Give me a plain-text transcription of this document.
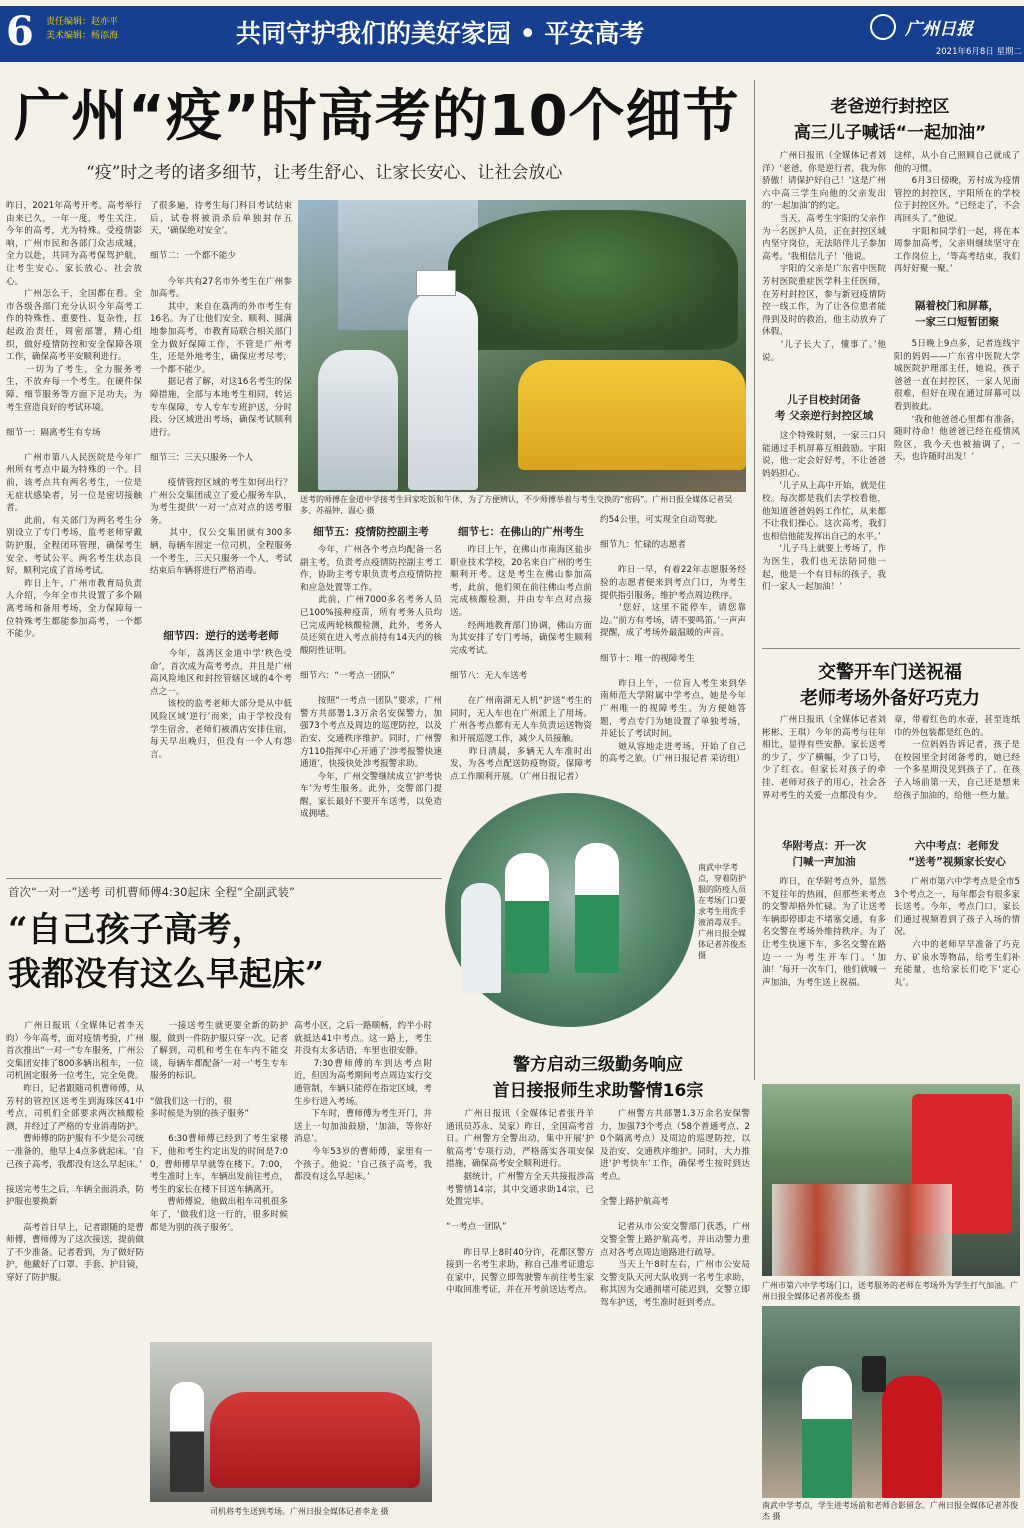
6	责任编辑：赵亦平
美术编辑：杨添海	共同守护我们的美好家园 • 平安高考	广州日报
2021年6月8日 星期二
广州“疫”时高考的10个细节
“疫”时之考的诸多细节，让考生舒心、让家长安心、让社会放心
昨日，2021年高考开考。高考举行由来已久，一年一度，考生关注。今年的高考，尤为特殊。受疫情影响，广州市民和各部门众志成城，全力以赴，共同为高考保驾护航，让考生安心、家长放心、社会放心。
　　广州怎么干，全国都在看。全市各级各部门充分认识今年高考工作的特殊性、重要性、复杂性，扛起政治责任，周密部署，精心组织，做好疫情防控和安全保障各项工作，确保高考平安顺利进行。
　　一切为了考生，全力服务考生，不放弃每一个考生。在硬件保障、细节服务等方面下足功夫，为考生营造良好的考试环境。

细节一：隔离考生有专场

　　广州市第八人民医院是今年广州所有考点中最为特殊的一个。目前，该考点共有两名考生，一位是无症状感染者，另一位是密切接触者。
　　此前，有关部门为两名考生分别设立了专门考场，监考老师穿戴防护服，全程闭环管理，确保考生安全、考试公平。两名考生状态良好，顺利完成了首场考试。
　　昨日上午，广州市教育局负责人介绍，今年全市共设置了多个隔离考场和备用考场，全力保障每一位特殊考生都能参加高考，一个都不能少。
了很多遍，待考生每门科目考试结束后，试卷将被消杀后单独封存五天，‘确保绝对安全’。

细节二：一个都不能少

　　今年共有27名市外考生在广州参加高考。
　　其中，来自在荔湾的外市考生有16名。为了让他们安全、顺利、圆满地参加高考，市教育局联合相关部门全力做好保障工作，不管是广州考生，还是外地考生，确保应考尽考，一个都不能少。
　　据记者了解，对这16名考生的保障措施，全部与本地考生相同，转运专车保障，专人专车专班护送，分时段、分区域进出考场，确保考试顺利进行。

细节三：三天只服务一个人

　　疫情管控区域的考生如何出行？广州公交集团成立了爱心服务车队，为考生提供‘一对一’点对点的送考服务。
　　其中，仅公交集团就有300多辆，每辆车固定一位司机，全程服务一个考生，三天只服务一个人，考试结束后车辆将进行严格消毒。
送考的师傅在金道中学接考生回家吃饭和午休，为了方便辨认，不少师傅举着与考生交换的“密码”。广州日报全媒体记者吴多、苏福钟、温心 摄
细节四：逆行的送考老师
　　今年，荔湾区金道中学‘秩色受命’，首次成为高考考点，并且是广州高风险地区和封控管辖区域的4个考点之一。
　　该校的监考老师大部分是从中低风险区域‘逆行’而来，由于学校没有学生宿舍，老师们被酒店安排住宿，每天早出晚归，但没有一个人有怨言。
细节五：疫情防控副主考
　　今年，广州各个考点均配备一名副主考，负责考点疫情防控副主考工作，协助主考专职负责考点疫情防控和应急处置等工作。
　　此前，广州7000多名考务人员已100%接种疫苗，所有考务人员均已完成两轮核酸检测，此外，考务人员还须在进入考点前持有14天内的核酸阴性证明。

细节六：“一考点一团队”

　　按照“一考点一团队”要求，广州警方共部署1.3万余名安保警力，加强73个考点及周边的巡逻防控，以及治安、交通秩序维护。同时，广州警方110指挥中心开通了‘涉考报警快速通道’，快接快处涉考报警求助。
　　今年，广州交警继续成立‘护考快车’为考生服务。此外，交警部门提醒，家长最好不要开车送考，以免造成拥堵。
细节七：在佛山的广州考生
　　昨日上午，在佛山市南海区盐步职业技术学校，20名来自广州的考生顺利开考。这是考生在佛山参加高考，此前，他们须在前往佛山考点前完成核酸检测，并由专车点对点接送。
　　经两地教育部门协调，佛山方面为其安排了专门考场，确保考生顺利完成考试。

细节八：无人车送考

　　在广州南湖无人机“护送”考生的同时，无人车也在广州派上了用场。广州各考点都有无人车负责运送物资和开展巡逻工作，减少人员接触。
　　昨日清晨，多辆无人车准时出发，为各考点配送防疫物资，保障考点工作顺利开展。（广州日报记者）
约54公里，可实现全自动驾驶。

细节九：忙碌的志愿者

　　昨日一早，有着22年志愿服务经验的志愿者便来到考点门口，为考生提供指引服务，维护考点周边秩序。
　　‘您好，这里不能停车，请您靠边。’‘前方有考场，请不要鸣笛。’一声声提醒，成了考场外最温暖的声音。

细节十：唯一的视障考生

　　昨日上午，一位盲人考生来到华南师范大学附属中学考点，她是今年广州唯一的视障考生。为方便她答题，考点专门为她设置了单独考场，并延长了考试时间。
　　她从容地走进考场，开始了自己的高考之旅。（广州日报记者 采访组）
南武中学考点，穿着防护服的防疫人员在考场门口要求考生用洗手液消毒双手。广州日报全媒体记者苏俊杰 摄
老爸逆行封控区
高三儿子喊话“一起加油”
　　广州日报讯（全媒体记者刘洋）‘老爸，你是逆行者，我为你骄傲！请保护好自己！’这是广州六中高三学生向他的父亲发出的‘一起加油’的约定。
　　当天，高考生宇阳的父亲作为一名医护人员，正在封控区域内坚守岗位，无法陪伴儿子参加高考。‘我相信儿子！’他说。
　　宇阳的父亲是广东省中医院芳村医院重症医学科主任医师，在芳村封控区，参与新冠疫情防控一线工作，为了让各位患者能得到及时的救治，他主动放弃了休假。
　　‘儿子长大了，懂事了。’他说。
这样，从小自己照顾自己就成了他的习惯。
　　6月3日傍晚，芳村成为疫情管控的封控区，宇阳所在的学校位于封控区外。“已经走了，不会再回头了。”他说。
　　宇阳和同学们一起，将在本周参加高考，父亲则继续坚守在工作岗位上，‘等高考结束，我们再好好聚一聚。’
隔着校门和屏幕，
一家三口短暂团聚
　　5日晚上9点多，记者连线宇阳的妈妈——广东省中医院大学城医院护理部主任，她说，孩子爸爸一直在封控区，一家人见面很难，但好在现在通过屏幕可以看到彼此。
　　‘我和他爸爸心里都有准备，随时待命！他爸爸已经在疫情风险区，我今天也被抽调了，一天，也许随时出发！’
儿子目校封闭备
考 父亲逆行封控区域
　　这个特殊时刻，一家三口只能通过手机屏幕互相鼓励。宇阳说，他一定会好好考，不让爸爸妈妈担心。
　　‘儿子从上高中开始，就是住校。每次都是我们去学校看他，他知道爸爸妈妈工作忙，从来都不让我们操心。这次高考，我们也相信他能发挥出自己的水平。’
　　‘儿子马上就要上考场了，作为医生，我们也无法陪同他一起，他是一个有目标的孩子，我们一家人一起加油！’
交警开车门送祝福
老师考场外备好巧克力
　　广州日报讯（全媒体记者刘彬彬、王琪）今年的高考与往年相比，显得有些安静。家长送考的少了，少了横幅，少了口号，少了红衣。但家长对孩子的牵挂、老师对孩子的用心，社会各界对考生的关爱一点都没有少。
章，带着红色的水壶，甚至连纸巾的外包装都是红色的。
　　一位妈妈告诉记者，孩子是在校园里全封闭备考的，她已经一个多星期没见到孩子了，在孩子入场前第一天，自己还是想来给孩子加油的，给他一些力量。
华附考点：开一次
门喊一声加油
六中考点：老师发
“送考”视频家长安心
　　昨日，在华附考点外，显然不复往年的热闹，但那些来考点的交警却格外忙碌。为了让送考车辆即停即走不堵塞交通，有多名交警在考场外维持秩序。为了让考生快速下车，多名交警在路边一一为考生开车门。‘加油！’每开一次车门，他们就喊一声加油，为考生送上祝福。
　　广州市第六中学考点是全市53个考点之一，每年都会有很多家长送考。今年，考点门口，家长们通过视频看到了孩子入场的情况。
　　六中的老师早早准备了巧克力、矿泉水等物品，给考生们补充能量，也给家长们吃下‘定心丸’。
广州市第六中学考场门口，送考服务的老师在考场外为学生打气加油。广州日报全媒体记者苏俊杰 摄
南武中学考点，学生进考场前和老师合影留念。广州日报全媒体记者苏俊杰 摄
首次“一对一”送考 司机曹师傅4:30起床 全程“全副武装”
“自己孩子高考，
我都没有这么早起床”
　　广州日报讯（全媒体记者李天昀）今年高考，面对疫情考验，广州首次推出“一对一”专车服务，广州公交集团安排了800多辆出租车，一位司机固定服务一位考生，完全免费。
　　昨日，记者跟随司机曹师傅，从芳村的管控区送考生到海珠区41中考点，司机们全部要求两次核酸检测，并经过了严格的专业消毒防护。
　　曹师傅的防护服有不少是公司统一准备的，他早上4点多就起床。‘自己孩子高考，我都没有这么早起床。’

接送完考生之后，车辆全面消杀，防护服也要换新

　　高考首日早上，记者跟随的是曹师傅，曹师傅为了这次接送，提前做了不少准备。记者看到，为了做好防护，他戴好了口罩、手套、护目镜，穿好了防护服。
　　一接送考生就更要全新的防护服，做到一件防护服只穿一次。记者了解到，司机和考生在车内不能交谈，每辆车都配备‘一对一’考生专车服务的标识。

“做我们这一行的，很
多时候是为别的孩子服务”

　　6:30曹师傅已经到了考生家楼下，他和考生约定出发的时间是7:00，曹师傅早早就等在楼下。7:00，考生准时上车，车辆出发前往考点，考生的家长在楼下目送车辆离开。
　　曹师傅说，他做出租车司机很多年了，‘做我们这一行的，很多时候都是为别的孩子服务’。
高考小区，之后一路顺畅，约半小时就抵达41中考点。这一路上，考生并没有太多话语，车里也很安静。
　　7:30曹师傅的车到达考点附近，但因为高考期间考点周边实行交通管制，车辆只能停在指定区域，考生步行进入考场。
　　下车时，曹师傅为考生开门，并送上一句加油鼓励，‘加油，等你好消息’。
　　今年53岁的曹师傅，家里有一个孩子。他说：‘自己孩子高考，我都没有这么早起床。’
司机将考生送到考场。广州日报全媒体记者李龙 摄
警方启动三级勤务响应
首日接报师生求助警情16宗
　　广州日报讯（全媒体记者张丹羊 通讯员苏永、吴家）昨日，全国高考首日。广州警方全警出动，集中开展‘护航高考’专项行动，严格落实各项安保措施，确保高考安全顺利进行。
　　据统计，广州警方全天共接报涉高考警情14宗，其中交通求助14宗，已处置完毕。

“一考点一团队”

　　昨日早上8时40分许，花都区警方接到一名考生求助，称自己准考证遗忘在家中，民警立即驾驶警车前往考生家中取回准考证，并在开考前送达考点。
　　广州警方共部署1.3万余名安保警力，加强73个考点（58个普通考点、20个隔离考点）及周边的巡逻防控，以及治安、交通秩序维护。同时，大力推进‘护考快车’工作，确保考生按时到达考点。

全警上路护航高考

　　记者从市公安交警部门获悉，广州交警全警上路护航高考，并出动警力重点对各考点周边道路进行疏导。
　　当天上午8时左右，广州市公安局交警支队天河大队收到一名考生求助，称其因为交通拥堵可能迟到，交警立即驾车护送，考生准时赶到考点。
